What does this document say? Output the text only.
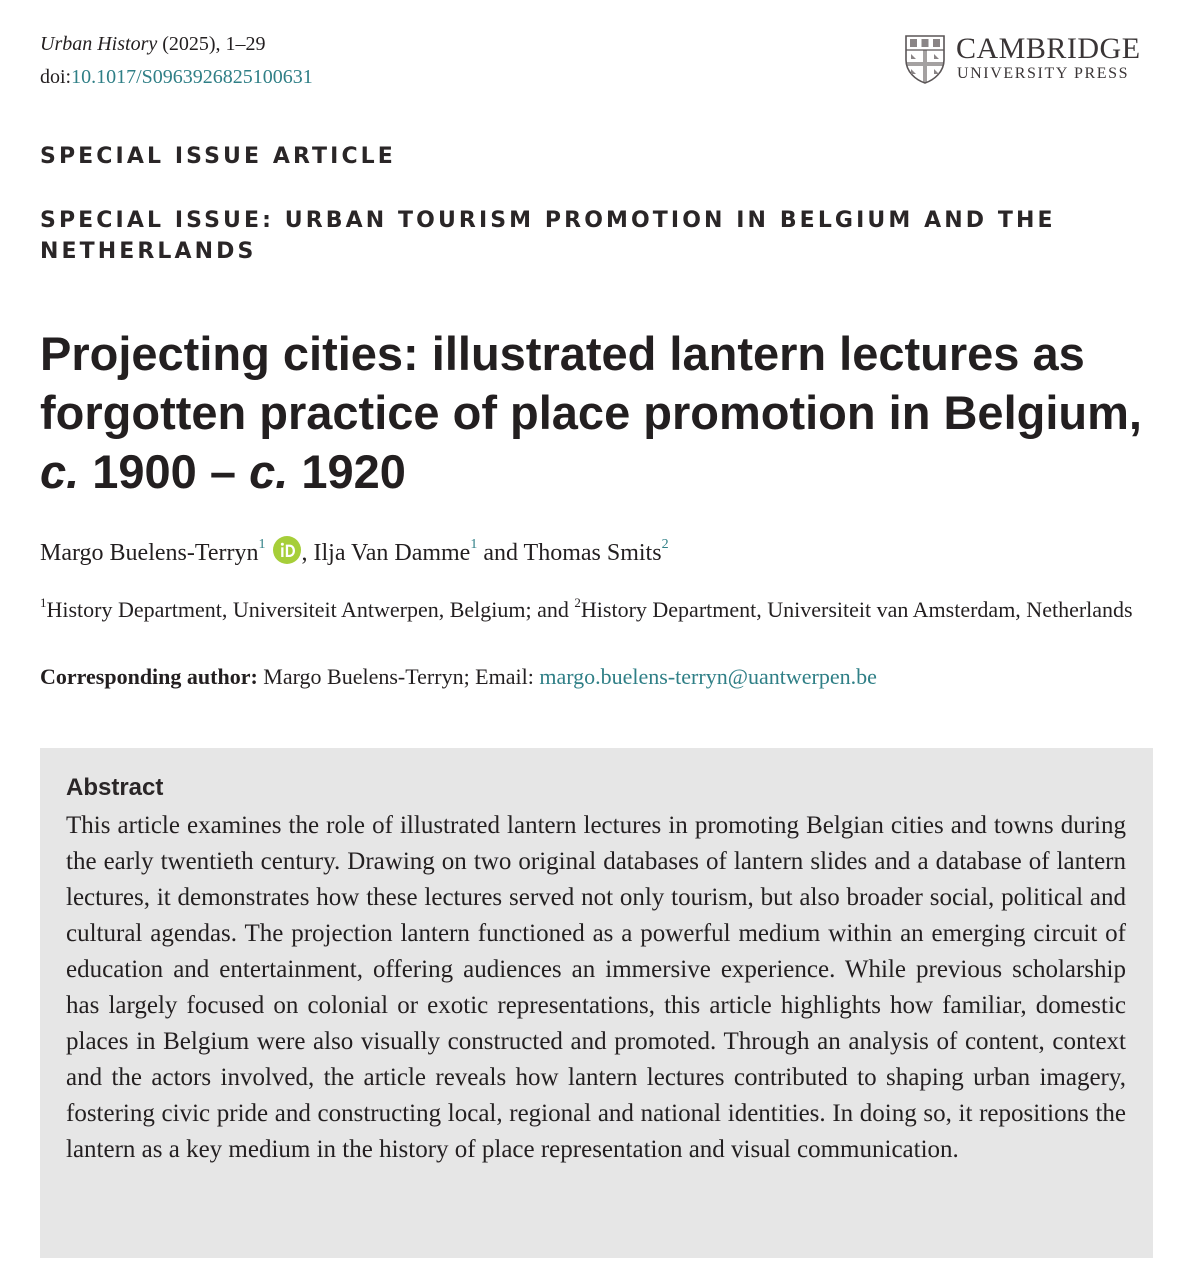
Urban History (2025), 1–29
doi:10.1017/S0963926825100631
CAMBRIDGE
UNIVERSITY PRESS
SPECIAL ISSUE ARTICLE
SPECIAL ISSUE: URBAN TOURISM PROMOTION IN BELGIUM AND THE NETHERLANDS
Projecting cities: illustrated lantern lectures as forgotten practice of place promotion in Belgium,
c. 1900 – c. 1920
Margo Buelens-Terryn$^1$ , Ilja Van Damme$^1$ and Thomas Smits$^2$
$^1$History Department, Universiteit Antwerpen, Belgium; and $^2$History Department, Universiteit van Amsterdam, Netherlands
Corresponding author: Margo Buelens-Terryn; Email: margo.buelens-terryn@uantwerpen.be
Abstract
This article examines the role of illustrated lantern lectures in promoting Belgian cities and towns during the early twentieth century. Drawing on two original databases of lantern slides and a database of lantern lectures, it demonstrates how these lectures served not only tourism, but also broader social, political and cultural agendas. The projection lantern functioned as a powerful medium within an emerging circuit of education and entertainment, offering audiences an immersive experience. While previous scholarship has largely focused on colonial or exotic representations, this article highlights how familiar, domestic places in Belgium were also visually constructed and promoted. Through an analysis of content, context and the actors involved, the article reveals how lantern lectures contributed to shaping urban imagery, fostering civic pride and constructing local, regional and national identities. In doing so, it repositions the lantern as a key medium in the history of place representation and visual communication.
